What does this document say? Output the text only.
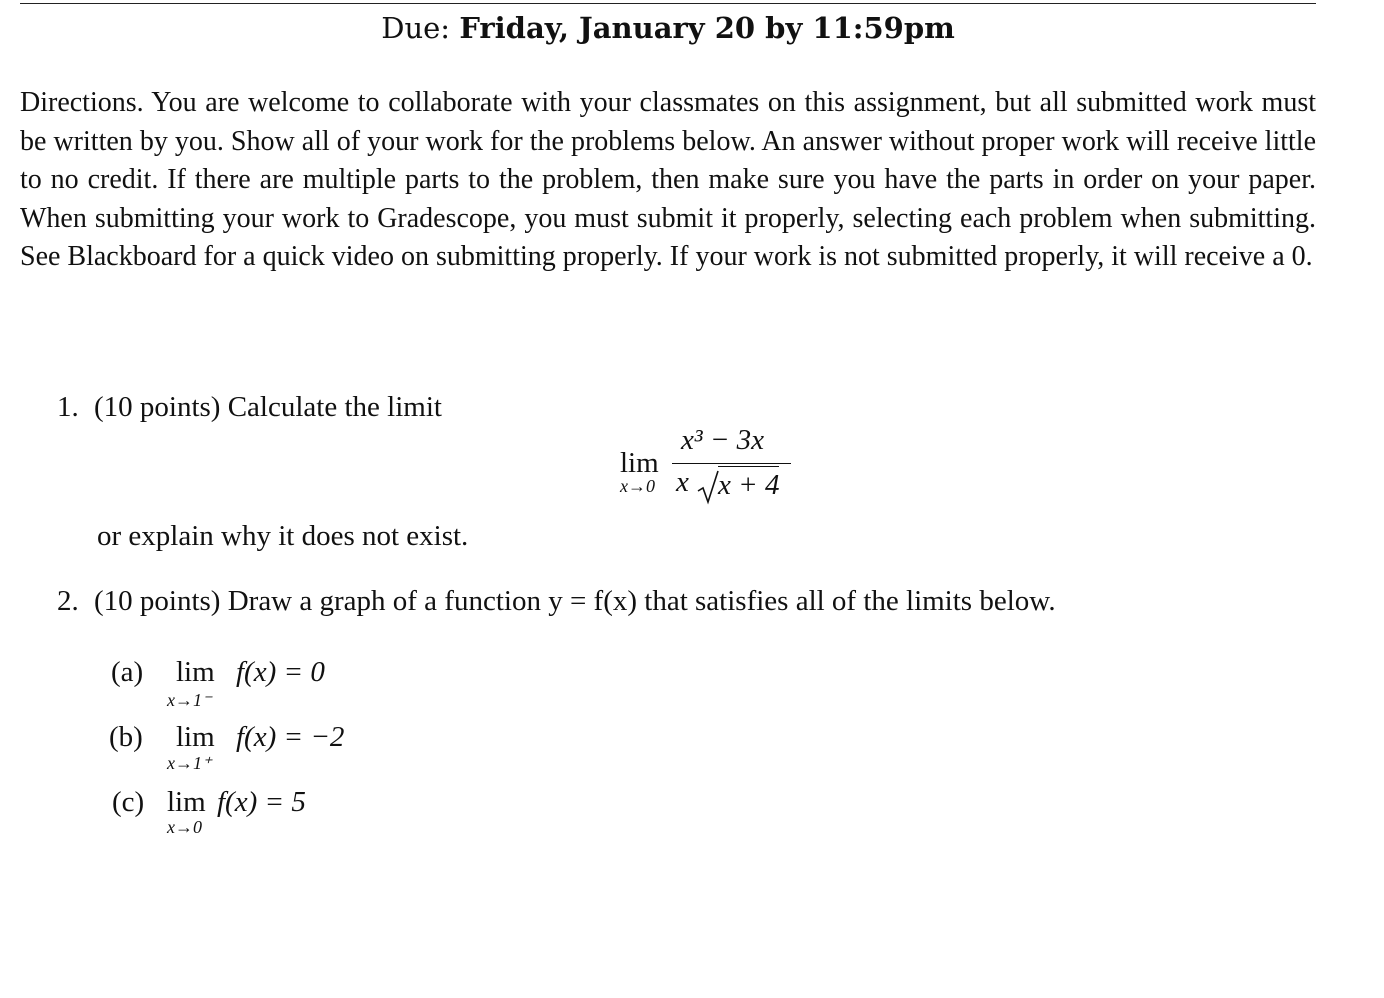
Due: Friday, January 20 by 11:59pm
Directions. You are welcome to collaborate with your classmates on this assignment, but all submitted work must be written by you. Show all of your work for the problems below. An answer without proper work will receive little to no credit. If there are multiple parts to the problem, then make sure you have the parts in order on your paper. When submitting your work to Gradescope, you must submit it properly, selecting each problem when submitting. See Blackboard for a quick video on submitting properly. If your work is not submitted properly, it will receive a 0.
1. (10 points) Calculate the limit
lim
x→0
x³ − 3x
x x + 4
or explain why it does not exist.
2. (10 points) Draw a graph of a function y = f(x) that satisfies all of the limits below.
(a) lim
x→1⁻
f(x) = 0
(b) lim
x→1⁺
f(x) = −2
(c) lim
x→0
f(x) = 5
